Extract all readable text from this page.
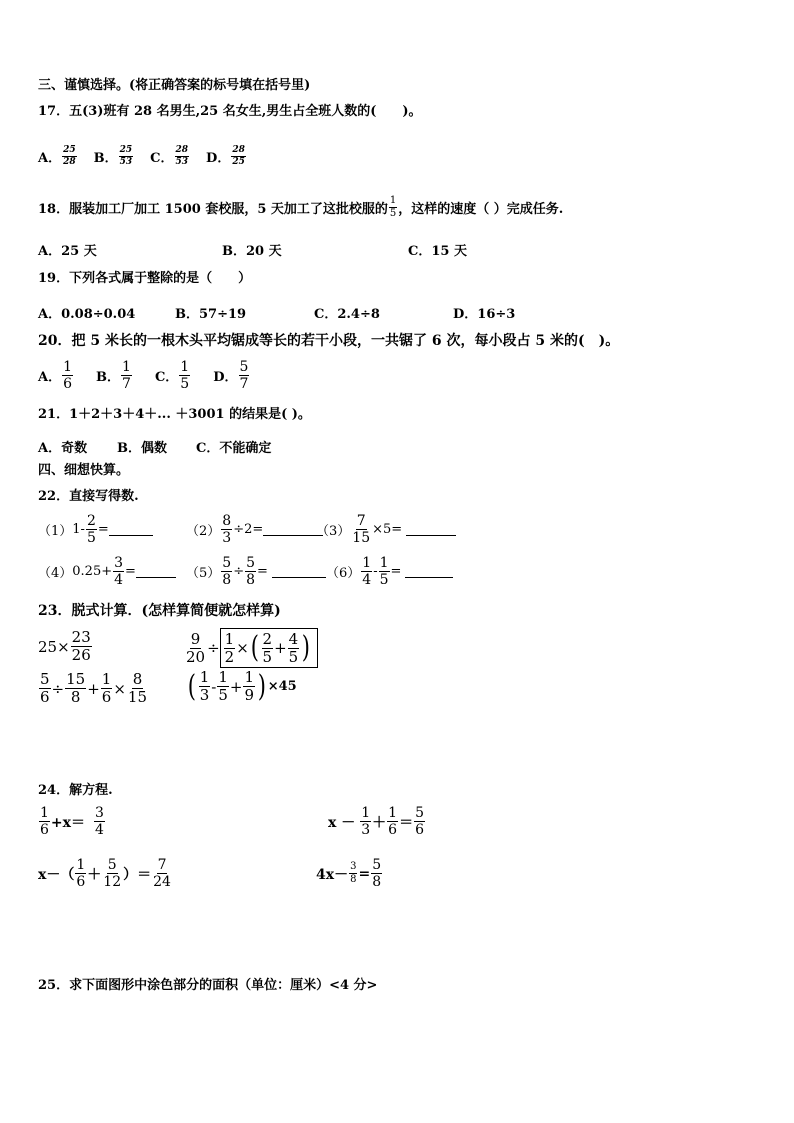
三、谨慎选择。(将正确答案的标号填在括号里)
17．五(3)班有 28 名男生,25 名女生,男生占全班人数的(　　)。
A． $\frac{25}{28}$ B． $\frac{25}{53}$ C． $\frac{28}{53}$ D． $\frac{28}{25}$
18．服装加工厂加工 1500 套校服，5 天加工了这批校服的 $\frac{1}{5}$ ，这样的速度（ ）完成任务.
A．25 天	B．20 天	C．15 天
19．下列各式属于整除的是（　　）
A．0.08÷0.04	B．57÷19	C．2.4÷8	D．16÷3
20．把 5 米长的一根木头平均锯成等长的若干小段，一共锯了 6 次，每小段占 5 米的(　)。
A． $\frac{1}{6}$ B． $\frac{1}{7}$ C． $\frac{1}{5}$ D． $\frac{5}{7}$
21．1＋2＋3＋4＋... ＋3001 的结果是( )。
A．奇数 B．偶数 C．不能确定
四、细想快算。
22．直接写得数.
（1） $1- \frac{2}{5}$ =	$(2) \frac{8}{3} \div 2=$	$(3) \frac{7}{15} \times 5=$
（4） $0.25+ \frac{3}{4}$ =	$(5) \frac{5}{8} \div \frac{5}{8}$ =	$(6) \frac{1}{4} - \frac{1}{5}$ =
23．脱式计算．(怎样算简便就怎样算)
$25\times \frac{23}{26}$	$\frac{9}{20} \div \frac{1}{2}$ × ( $\frac{2}{5} + \frac{4}{5}$ )
$\frac{5}{6} \div \frac{15}{8} + \frac{1}{6} \times \frac{8}{15}$ ( $\frac{1}{3} - \frac{1}{5} + \frac{1}{9}$ ) ×45
24．解方程.
$\frac{1}{6} +x= \frac{3}{4}$	$x - \frac{1}{3} + \frac{1}{6} = \frac{5}{6}$
$x-( \frac{1}{6} + \frac{5}{12}$ ）＝ $\frac{7}{24}$	$4x- \frac{3}{8} = \frac{5}{8}$
25．求下面图形中涂色部分的面积（单位：厘米）<4 分>
